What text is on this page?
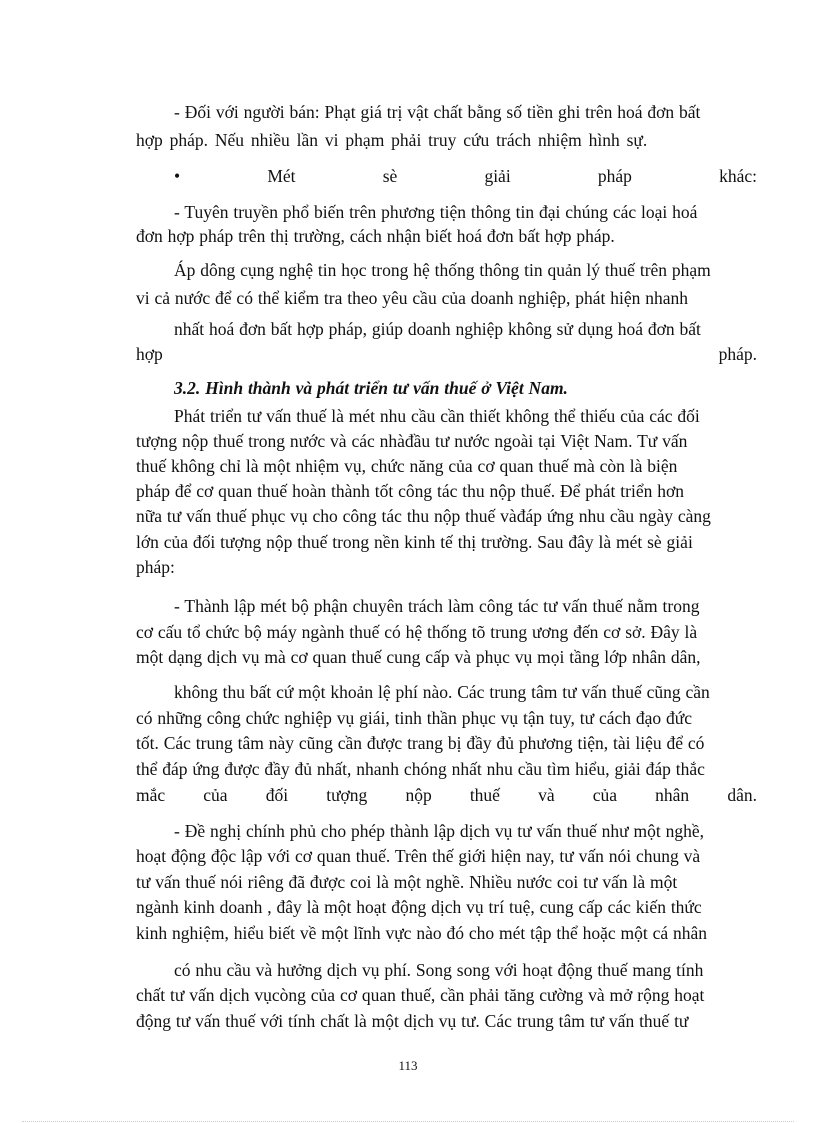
- Đối với người bán: Phạt giá trị vật chất bằng số tiền ghi trên hoá đơn bất
hợp pháp. Nếu nhiều lần vi phạm phải truy cứu trách nhiệm hình sự.
•	Mét	sè	giải	pháp	khác:
- Tuyên truyền phổ biến trên phương tiện thông tin đại chúng các loại hoá
đơn hợp pháp trên thị trường, cách nhận biết hoá đơn bất hợp pháp.
Áp dông cụng nghệ tin học trong hệ thống thông tin quản lý thuế trên phạm
vi cả nước để có thể kiểm tra theo yêu cầu của doanh nghiệp, phát hiện nhanh
nhất hoá đơn bất hợp pháp, giúp doanh nghiệp không sử dụng hoá đơn bất
hợp	pháp.
3.2. Hình thành và phát triển tư vấn thuế ở Việt Nam.
Phát triển tư vấn thuế là mét nhu cầu cần thiết không thể thiếu của các đối
tượng nộp thuế trong nước và các nhàđầu tư nước ngoài tại Việt Nam. Tư vấn
thuế không chỉ là một nhiệm vụ, chức năng của cơ quan thuế mà còn là biện
pháp để cơ quan thuế hoàn thành tốt công tác thu nộp thuế. Để phát triển hơn
nữa tư vấn thuế phục vụ cho công tác thu nộp thuế vàđáp ứng nhu cầu ngày càng
lớn của đối tượng nộp thuế trong nền kinh tế thị trường. Sau đây là mét sè giải
pháp:
- Thành lập mét bộ phận chuyên trách làm công tác tư vấn thuế nằm trong
cơ cấu tổ chức bộ máy ngành thuế có hệ thống tõ trung ương đến cơ sở. Đây là
một dạng dịch vụ mà cơ quan thuế cung cấp và phục vụ mọi tầng lớp nhân dân,
không thu bất cứ một khoản lệ phí nào. Các trung tâm tư vấn thuế cũng cần
có những công chức nghiệp vụ giái, tinh thần phục vụ tận tuy, tư cách đạo đức
tốt. Các trung tâm này cũng cần được trang bị đầy đủ phương tiện, tài liệu để có
thể đáp ứng được đầy đủ nhất, nhanh chóng nhất nhu cầu tìm hiểu, giải đáp thắc
mắc của đối tượng nộp thuế và của nhân dân.
- Đề nghị chính phủ cho phép thành lập dịch vụ tư vấn thuế như một nghề,
hoạt động độc lập với cơ quan thuế. Trên thế giới hiện nay, tư vấn nói chung và
tư vấn thuế nói riêng đã được coi là một nghề. Nhiều nước coi tư vấn là một
ngành kinh doanh , đây là một hoạt động dịch vụ trí tuệ, cung cấp các kiến thức
kinh nghiệm, hiểu biết về một lĩnh vực nào đó cho mét tập thể hoặc một cá nhân
có nhu cầu và hưởng dịch vụ phí. Song song với hoạt động thuế mang tính
chất tư vấn dịch vụcòng của cơ quan thuế, cần phải tăng cường và mở rộng hoạt
động tư vấn thuế với tính chất là một dịch vụ tư. Các trung tâm tư vấn thuế tư
113
